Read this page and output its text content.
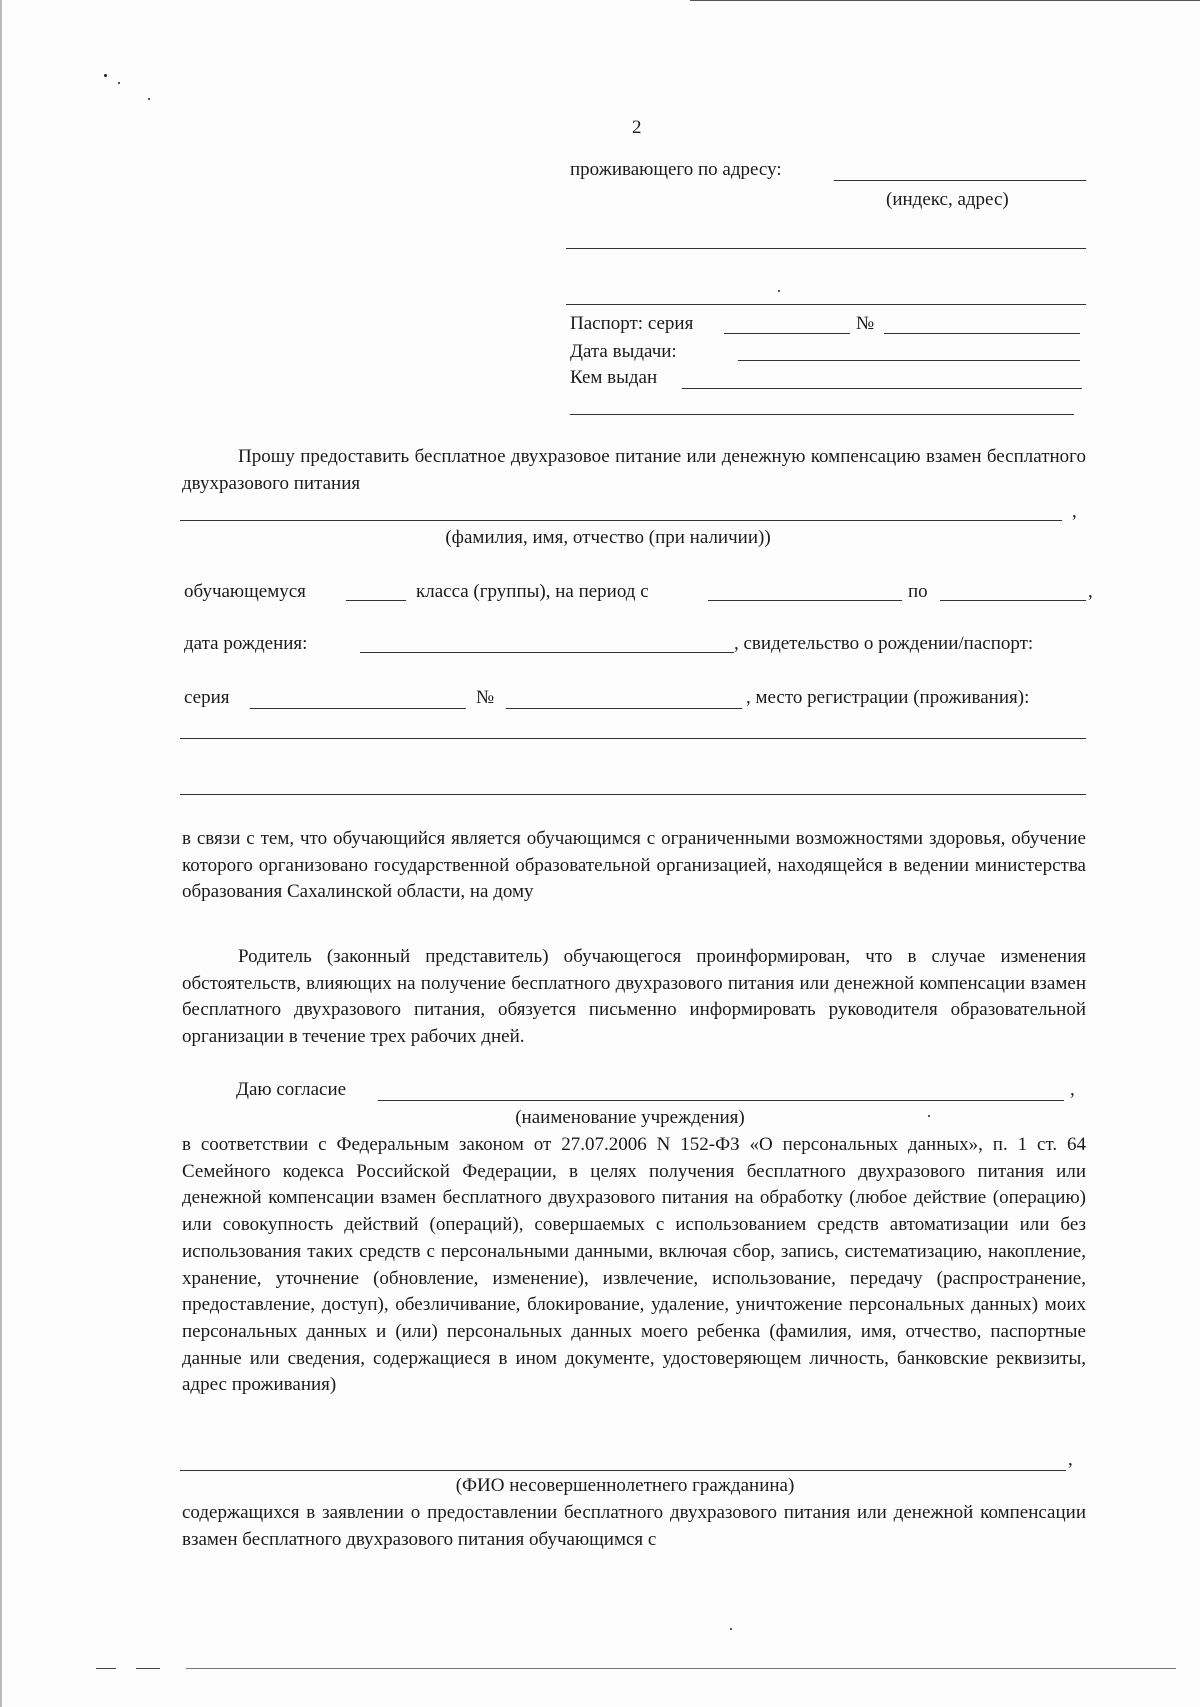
2
проживающего по адресу:
(индекс, адрес)
Паспорт: серия	№
Дата выдачи:
Кем выдан
Прошу предоставить бесплатное двухразовое питание или денежную компенсацию взамен бесплатного двухразового питания
,
(фамилия, имя, отчество (при наличии))
обучающемуся	класса (группы), на период с	по	,
дата рождения:	, свидетельство о рождении/паспорт:
серия	№	, место регистрации (проживания):
в связи с тем, что обучающийся является обучающимся с ограниченными возможностями здоровья, обучение которого организовано государственной образовательной организацией, находящейся в ведении министерства образования Сахалинской области, на дому
Родитель (законный представитель) обучающегося проинформирован, что в случае изменения обстоятельств, влияющих на получение бесплатного двухразового питания или денежной компенсации взамен бесплатного двухразового питания, обязуется письменно информировать руководителя образовательной организации в течение трех рабочих дней.
Даю согласие	,
(наименование учреждения)
в соответствии с Федеральным законом от 27.07.2006 N 152-ФЗ «О персональных данных», п. 1 ст. 64 Семейного кодекса Российской Федерации, в целях получения бесплатного двухразового питания или денежной компенсации взамен бесплатного двухразового питания на обработку (любое действие (операцию) или совокупность действий (операций), совершаемых с использованием средств автоматизации или без использования таких средств с персональными данными, включая сбор, запись, систематизацию, накопление, хранение, уточнение (обновление, изменение), извлечение, использование, передачу (распространение, предоставление, доступ), обезличивание, блокирование, удаление, уничтожение персональных данных) моих персональных данных и (или) персональных данных моего ребенка (фамилия, имя, отчество, паспортные данные или сведения, содержащиеся в ином документе, удостоверяющем личность, банковские реквизиты, адрес проживания)
,
(ФИО несовершеннолетнего гражданина)
содержащихся в заявлении о предоставлении бесплатного двухразового питания или денежной компенсации взамен бесплатного двухразового питания обучающимся с
